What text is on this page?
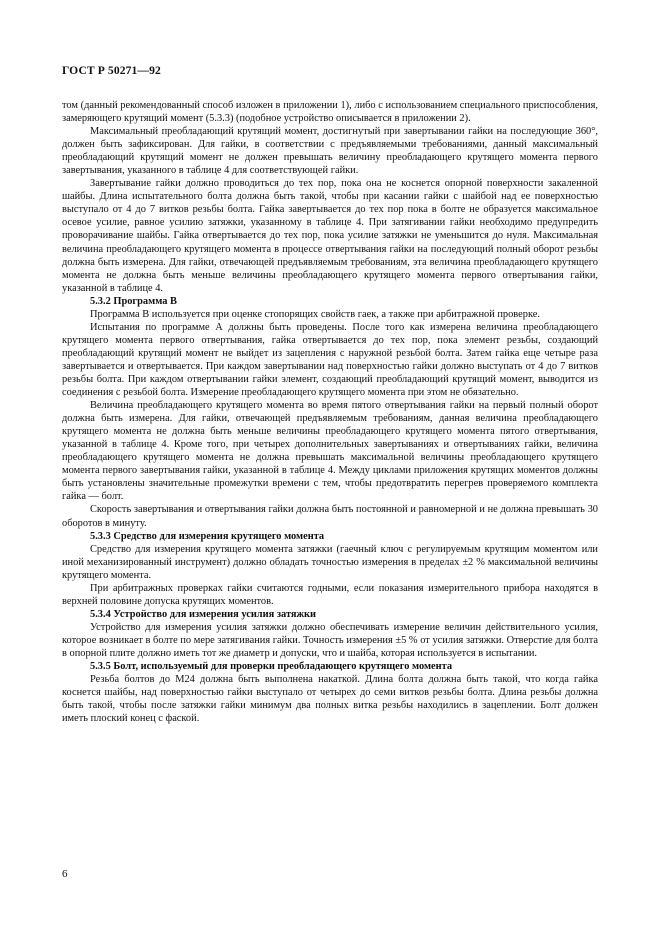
ГОСТ Р 50271—92

том (данный рекомендованный способ изложен в приложении 1), либо с использованием специального приспособления, замеряющего крутящий момент (5.3.3) (подобное устройство описывается в приложении 2).

Максимальный преобладающий крутящий момент, достигнутый при завертывании гайки на последующие 360°, должен быть зафиксирован. Для гайки, в соответствии с предъявляемыми требованиями, данный максимальный преобладающий крутящий момент не должен превышать величину преобладающего крутящего момента первого завертывания, указанного в таблице 4 для соответствующей гайки.

Завертывание гайки должно проводиться до тех пор, пока она не коснется опорной поверхности закаленной шайбы. Длина испытательного болта должна быть такой, чтобы при касании гайки с шайбой над ее поверхностью выступало от 4 до 7 витков резьбы болта. Гайка завертывается до тех пор пока в болте не образуется максимальное осевое усилие, равное усилию затяжки, указанному в таблице 4. При затягивании гайки необходимо предупредить проворачивание шайбы. Гайка отвертывается до тех пор, пока усилие затяжки не уменьшится до нуля. Максимальная величина преобладающего крутящего момента в процессе отвертывания гайки на последующий полный оборот резьбы должна быть измерена. Для гайки, отвечающей предъявляемым требованиям, эта величина преобладающего крутящего момента не должна быть меньше величины преобладающего крутящего момента первого отвертывания гайки, указанной в таблице 4.

5.3.2 Программа В

Программа В используется при оценке стопорящих свойств гаек, а также при арбитражной проверке.

Испытания по программе А должны быть проведены. После того как измерена величина преобладающего крутящего момента первого отвертывания, гайка отвертывается до тех пор, пока элемент резьбы, создающий преобладающий крутящий момент не выйдет из зацепления с наружной резьбой болта. Затем гайка еще четыре раза завертывается и отвертывается. При каждом завертывании над поверхностью гайки должно выступать от 4 до 7 витков резьбы болта. При каждом отвертывании гайки элемент, создающий преобладающий крутящий момент, выводится из соединения с резьбой болта. Измерение преобладающего крутящего момента при этом не обязательно.

Величина преобладающего крутящего момента во время пятого отвертывания гайки на первый полный оборот должна быть измерена. Для гайки, отвечающей предъявляемым требованиям, данная величина преобладающего крутящего момента не должна быть меньше величины преобладающего крутящего момента пятого отвертывания, указанной в таблице 4. Кроме того, при четырех дополнительных завертываниях и отвертываниях гайки, величина преобладающего крутящего момента не должна превышать максимальной величины преобладающего крутящего момента первого завертывания гайки, указанной в таблице 4. Между циклами приложения крутящих моментов должны быть установлены значительные промежутки времени с тем, чтобы предотвратить перегрев проверяемого комплекта гайка — болт.

Скорость завертывания и отвертывания гайки должна быть постоянной и равномерной и не должна превышать 30 оборотов в минуту.

5.3.3 Средство для измерения крутящего момента

Средство для измерения крутящего момента затяжки (гаечный ключ с регулируемым крутящим моментом или иной механизированный инструмент) должно обладать точностью измерения в пределах ±2 % максимальной величины крутящего момента.

При арбитражных проверках гайки считаются годными, если показания измерительного прибора находятся в верхней половине допуска крутящих моментов.

5.3.4 Устройство для измерения усилия затяжки

Устройство для измерения усилия затяжки должно обеспечивать измерение величин действительного усилия, которое возникает в болте по мере затягивания гайки. Точность измерения ±5 % от усилия затяжки. Отверстие для болта в опорной плите должно иметь тот же диаметр и допуски, что и шайба, которая используется в испытании.

5.3.5 Болт, используемый для проверки преобладающего крутящего момента

Резьба болтов до М24 должна быть выполнена накаткой. Длина болта должна быть такой, что когда гайка коснется шайбы, над поверхностью гайки выступало от четырех до семи витков резьбы болта. Длина резьбы должна быть такой, чтобы после затяжки гайки минимум два полных витка резьбы находились в зацеплении. Болт должен иметь плоский конец с фаской.

6
